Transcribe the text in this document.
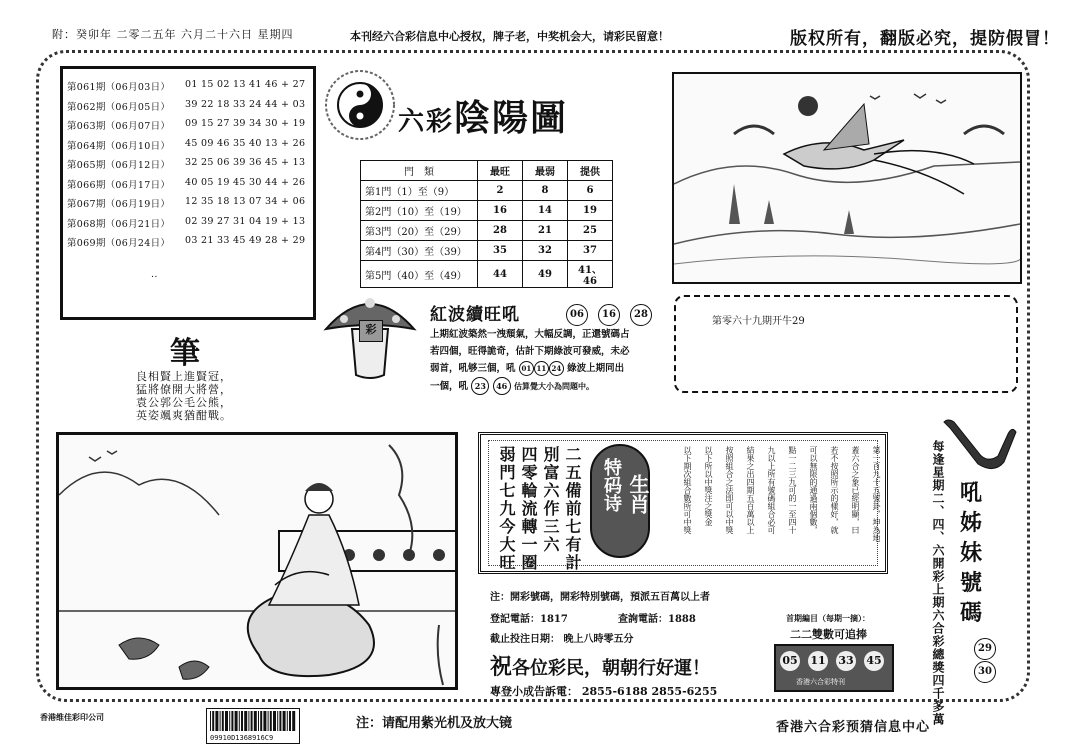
附：癸卯年 二零二五年 六月二十六日 星期四	本刊经六合彩信息中心授权，牌子老，中奖机会大，请彩民留意！	版权所有，翻版必究，提防假冒！
第061期（06月03日） 01 15 02 13 41 46 + 27
第062期（06月05日） 39 22 18 33 24 44 + 03
第063期（06月07日） 09 15 27 39 34 30 + 19
第064期（06月10日） 45 09 46 35 40 13 + 26
第065期（06月12日） 32 25 06 39 36 45 + 13
第066期（06月17日） 40 05 19 45 30 44 + 26
第067期（06月19日） 12 35 18 13 07 34 + 06
第068期（06月21日） 02 39 27 31 04 19 + 13
第069期（06月24日） 03 21 33 45 49 28 + 29
..
六彩陰陽圖
門　類	最旺	最弱	提供
第1門（1）至（9）	2	8	6
第2門（10）至（19）	16	14	19
第3門（20）至（29）	28	21	25
第4門（30）至（39）	35	32	37
第5門（40）至（49）	44	49	41、46
第零六十九期开牛29
彩
紅波續旺吼	06	16	28
上期紅波築然一洩頹氣，大幅反調，正還號碼占
若四個，旺得詭奇，估計下期綠波可發威，未必
弱首，吼够三個，吼 01 11 24 綠波上期同出
一個，吼 23 46 估算覺大小為問題中。
筆
良相賢上進賢冠，
猛將僚開大將營，
袁公郭公毛公熊，
英姿颯爽猶酣戰。
二五備前七有計
別富六作三六
四零輪流轉一圈
弱門七九今大旺	生肖
特码诗	第一百九十五號卦，坤為地
蓋六合之象已經明顯，曰
若不按照所示的樣好，就
可以無限的通過兩個數，
點一二三九可的一至四十
九以上所有號碼組合必可
結果之出四期五百萬以上
按照組合之法即可以中獎
以下所以中獎注之獎金
以下期次組合數所可中獎
注：開彩號碼，開彩特別號碼，預派五百萬以上者
登記電話：1817	查詢電話：1888
截止投注日期： 晚上八時零五分
祝各位彩民，朝朝行好運！
專登小成告訴電： 2855-6188 2855-6255
首期編目（每期一摘）：
二二雙數可追捧
05 11 33 45
香港六合彩特刊	每逢星期二、四、六開彩上期六合彩總獎四千多萬 吼姊妹號碼
29
30
香港维佳彩印公司
09910D1368916C9
注：请配用紫光机及放大镜	香港六合彩预猜信息中心
